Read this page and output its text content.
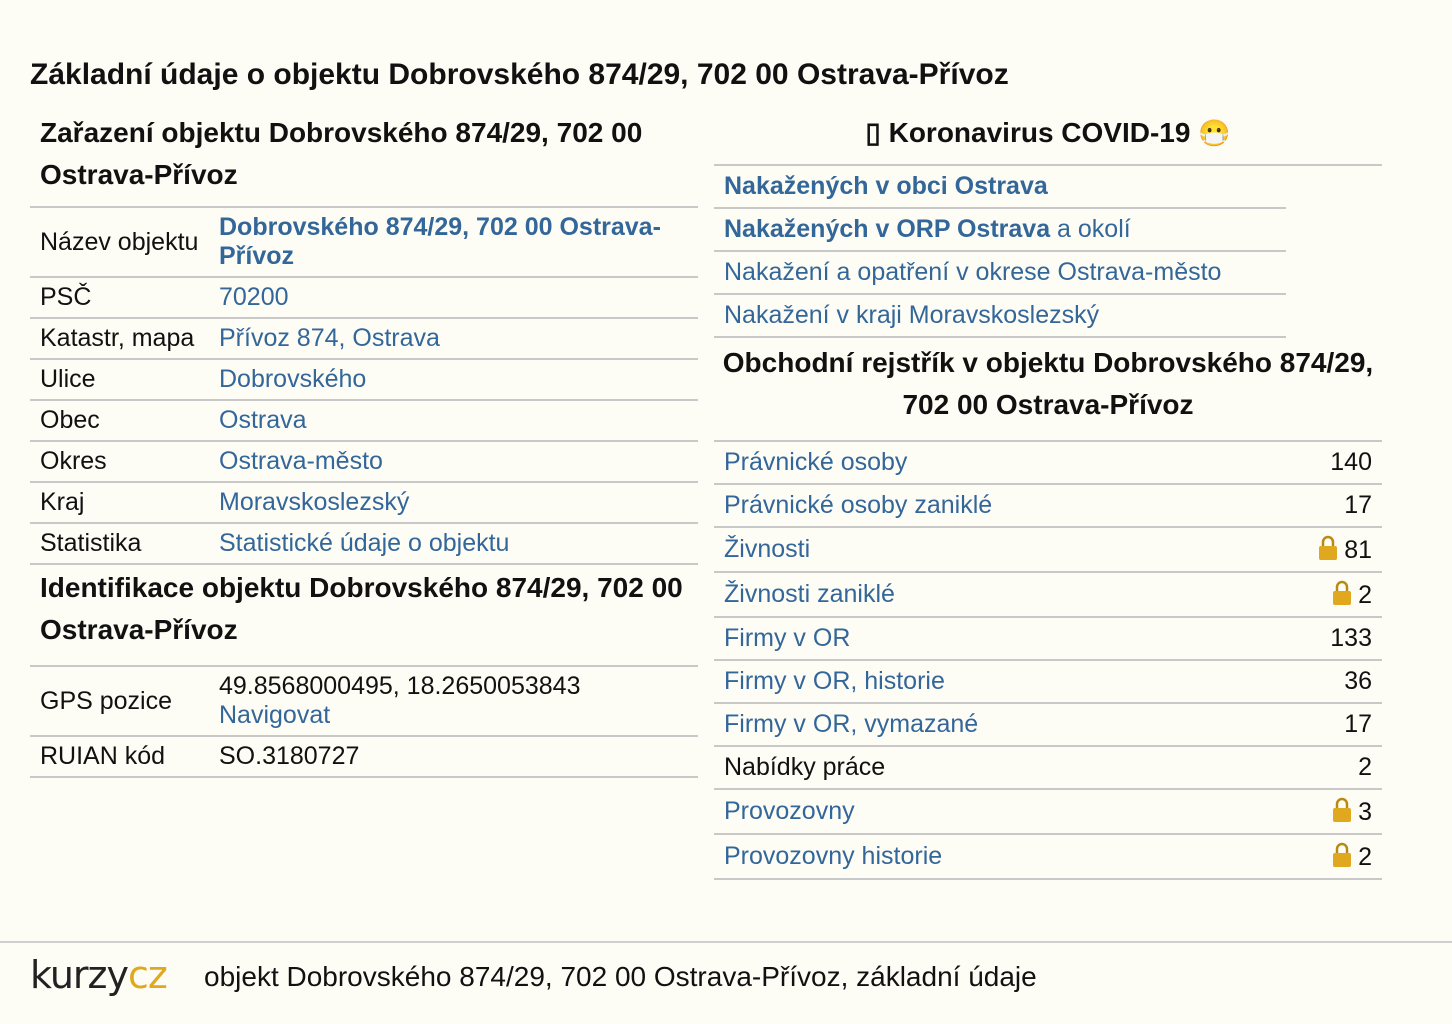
Základní údaje o objektu Dobrovského 874/29, 702 00 Ostrava-Přívoz
Zařazení objektu Dobrovského 874/29, 702 00 Ostrava-Přívoz
Název objektu	Dobrovského 874/29, 702 00 Ostrava-Přívoz
PSČ	70200
Katastr, mapa	Přívoz 874, Ostrava
Ulice	Dobrovského
Obec	Ostrava
Okres	Ostrava-město
Kraj	Moravskoslezský
Statistika	Statistické údaje o objektu
Identifikace objektu Dobrovského 874/29, 702 00 Ostrava-Přívoz
GPS pozice	49.8568000495, 18.2650053843
Navigovat
RUIAN kód	SO.3180727
▯ Koronavirus COVID-19 😷
Nakažených v obci Ostrava
Nakažených v ORP Ostrava a okolí
Nakažení a opatření v okrese Ostrava-město
Nakažení v kraji Moravskoslezský
Obchodní rejstřík v objektu Dobrovského 874/29, 702 00 Ostrava-Přívoz
Právnické osoby	140
Právnické osoby zaniklé	17
Živnosti	81
Živnosti zaniklé	2
Firmy v OR	133
Firmy v OR, historie	36
Firmy v OR, vymazané	17
Nabídky práce	2
Provozovny	3
Provozovny historie	2
kurzycz objekt Dobrovského 874/29, 702 00 Ostrava-Přívoz, základní údaje
